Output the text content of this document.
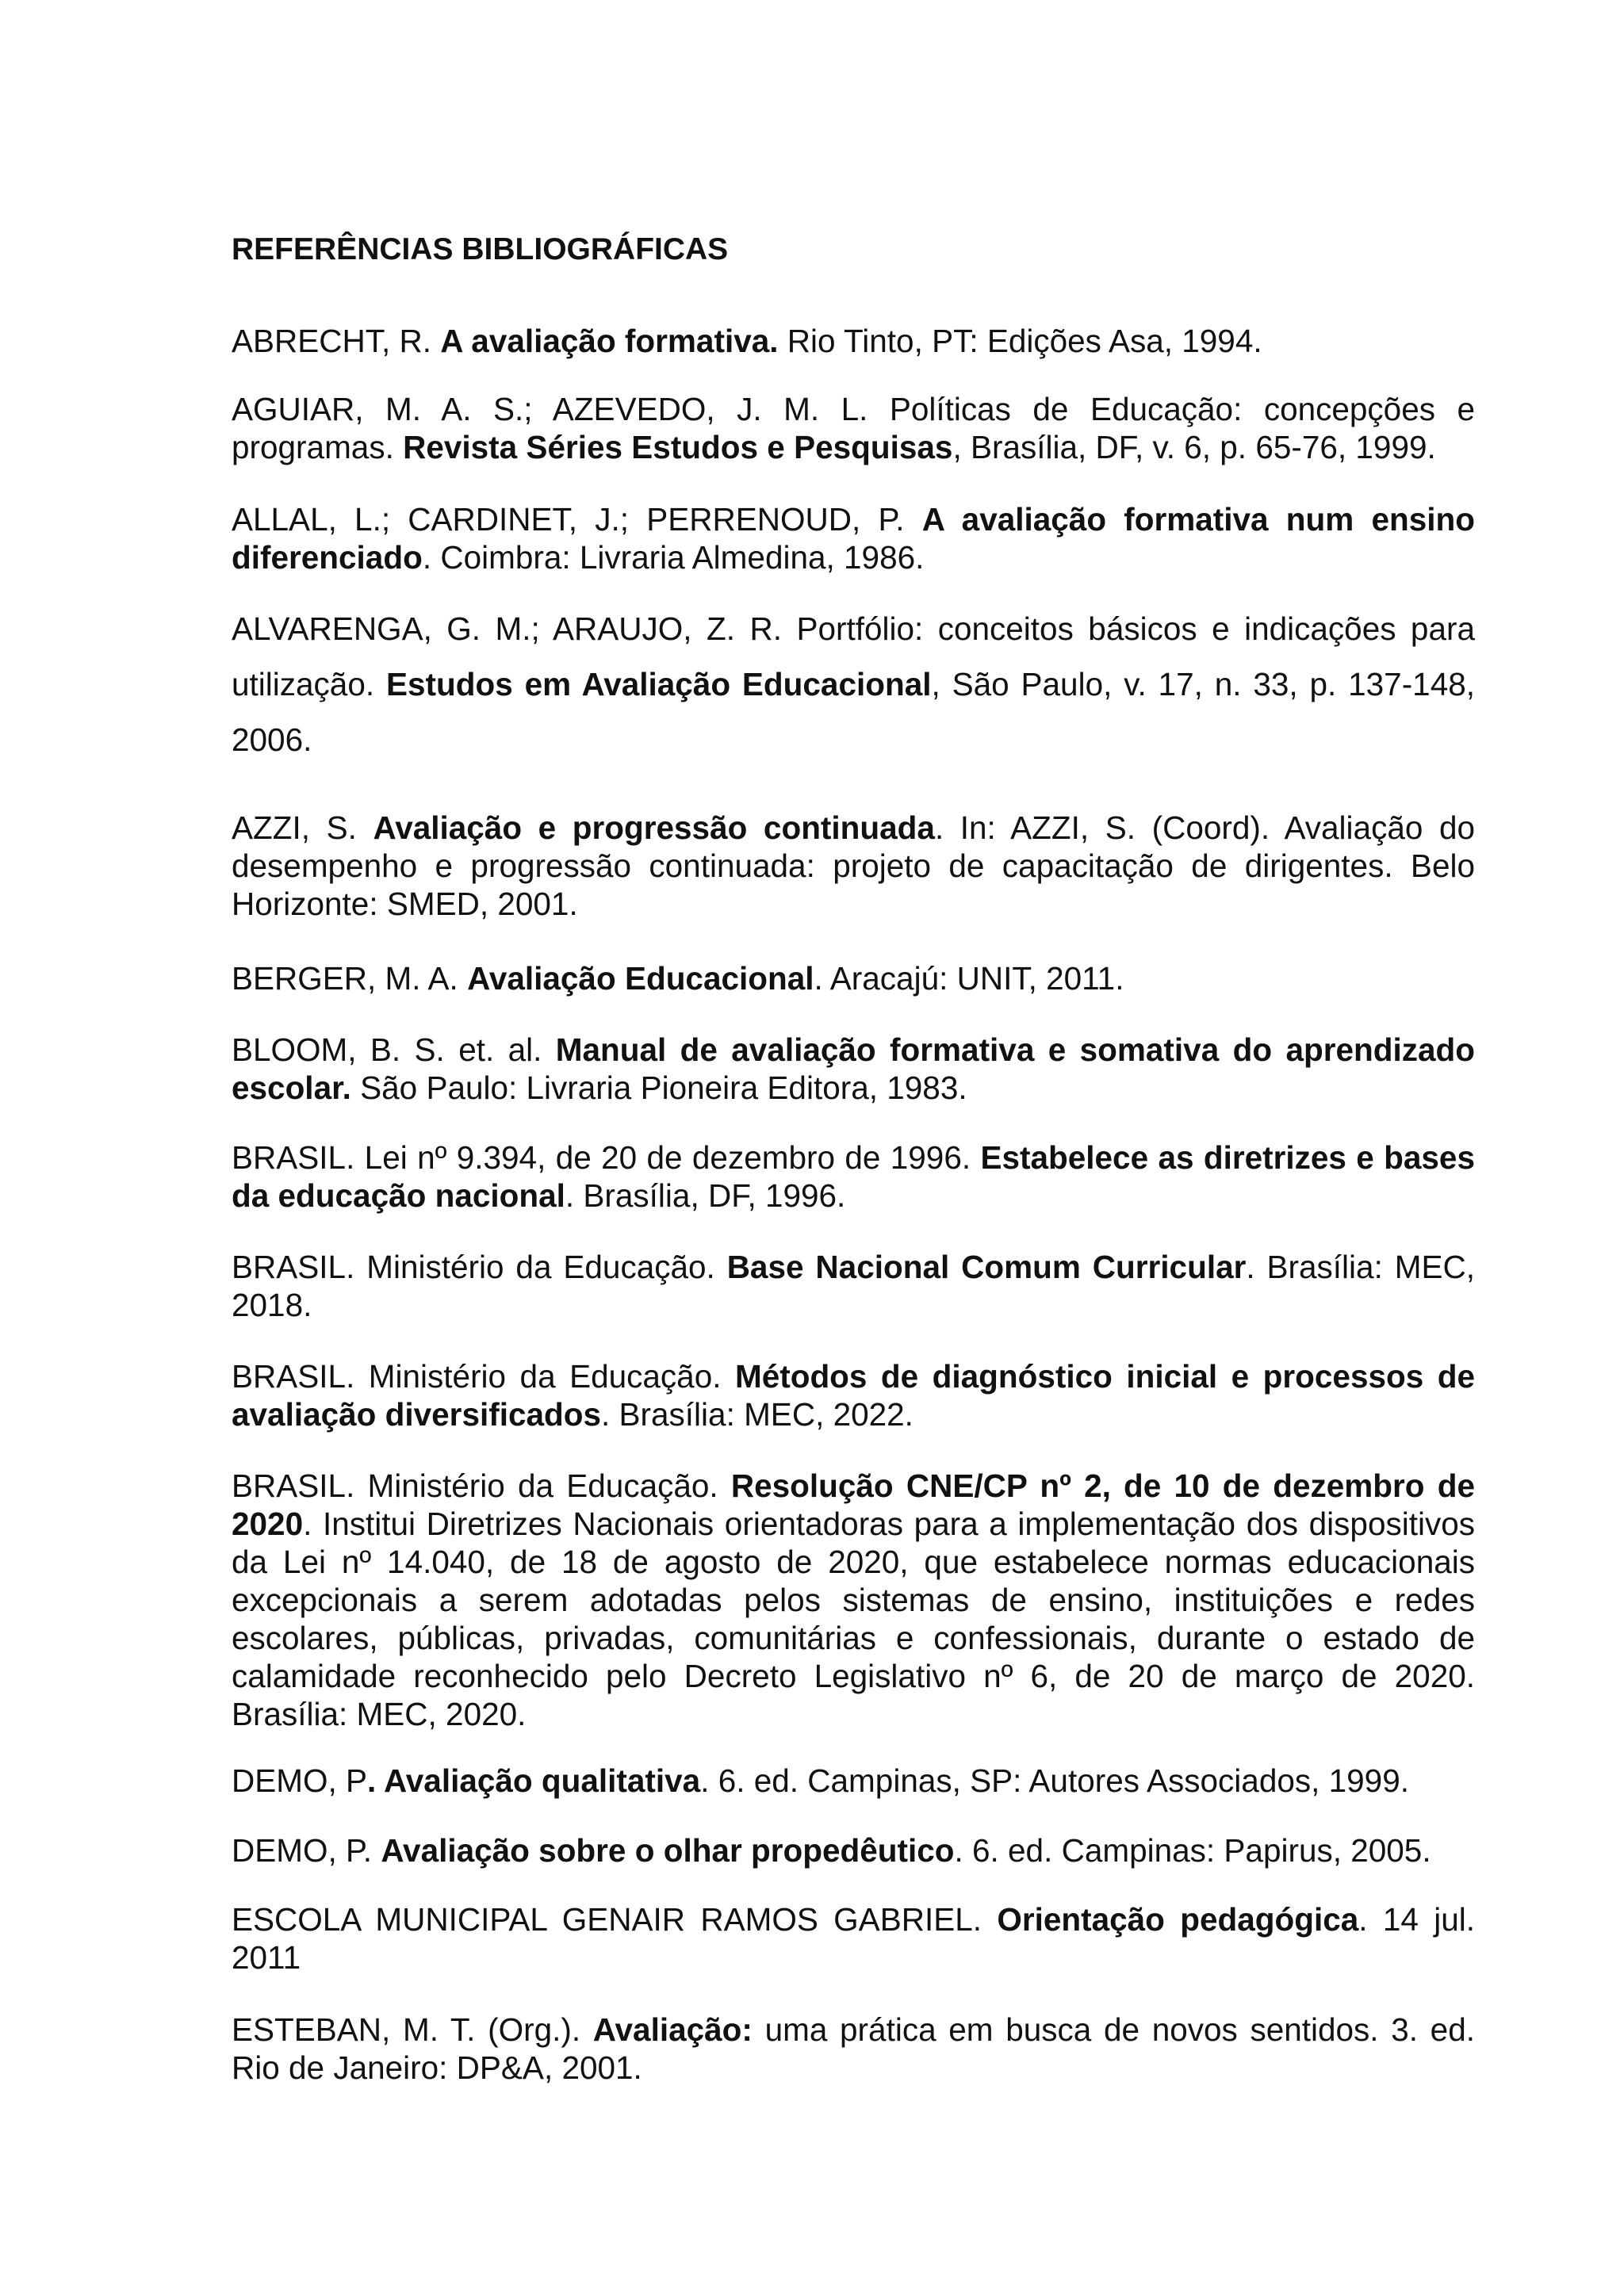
REFERÊNCIAS BIBLIOGRÁFICAS

ABRECHT, R. A avaliação formativa. Rio Tinto, PT: Edições Asa, 1994.

AGUIAR, M. A. S.; AZEVEDO, J. M. L. Políticas de Educação: concepções e programas. Revista Séries Estudos e Pesquisas, Brasília, DF, v. 6, p. 65-76, 1999.

ALLAL, L.; CARDINET, J.; PERRENOUD, P. A avaliação formativa num ensino diferenciado. Coimbra: Livraria Almedina, 1986.

ALVARENGA, G. M.; ARAUJO, Z. R. Portfólio: conceitos básicos e indicações para utilização. Estudos em Avaliação Educacional, São Paulo, v. 17, n. 33, p. 137-148, 2006.

AZZI, S. Avaliação e progressão continuada. In: AZZI, S. (Coord). Avaliação do desempenho e progressão continuada: projeto de capacitação de dirigentes. Belo Horizonte: SMED, 2001.

BERGER, M. A. Avaliação Educacional. Aracajú: UNIT, 2011.

BLOOM, B. S. et. al. Manual de avaliação formativa e somativa do aprendizado escolar. São Paulo: Livraria Pioneira Editora, 1983.

BRASIL. Lei nº 9.394, de 20 de dezembro de 1996. Estabelece as diretrizes e bases da educação nacional. Brasília, DF, 1996.

BRASIL. Ministério da Educação. Base Nacional Comum Curricular. Brasília: MEC, 2018.

BRASIL. Ministério da Educação. Métodos de diagnóstico inicial e processos de avaliação diversificados. Brasília: MEC, 2022.

BRASIL. Ministério da Educação. Resolução CNE/CP nº 2, de 10 de dezembro de 2020. Institui Diretrizes Nacionais orientadoras para a implementação dos dispositivos da Lei nº 14.040, de 18 de agosto de 2020, que estabelece normas educacionais excepcionais a serem adotadas pelos sistemas de ensino, instituições e redes escolares, públicas, privadas, comunitárias e confessionais, durante o estado de calamidade reconhecido pelo Decreto Legislativo nº 6, de 20 de março de 2020. Brasília: MEC, 2020.

DEMO, P. Avaliação qualitativa. 6. ed. Campinas, SP: Autores Associados, 1999.

DEMO, P. Avaliação sobre o olhar propedêutico. 6. ed. Campinas: Papirus, 2005.

ESCOLA MUNICIPAL GENAIR RAMOS GABRIEL. Orientação pedagógica. 14 jul. 2011

ESTEBAN, M. T. (Org.). Avaliação: uma prática em busca de novos sentidos. 3. ed. Rio de Janeiro: DP&A, 2001.
